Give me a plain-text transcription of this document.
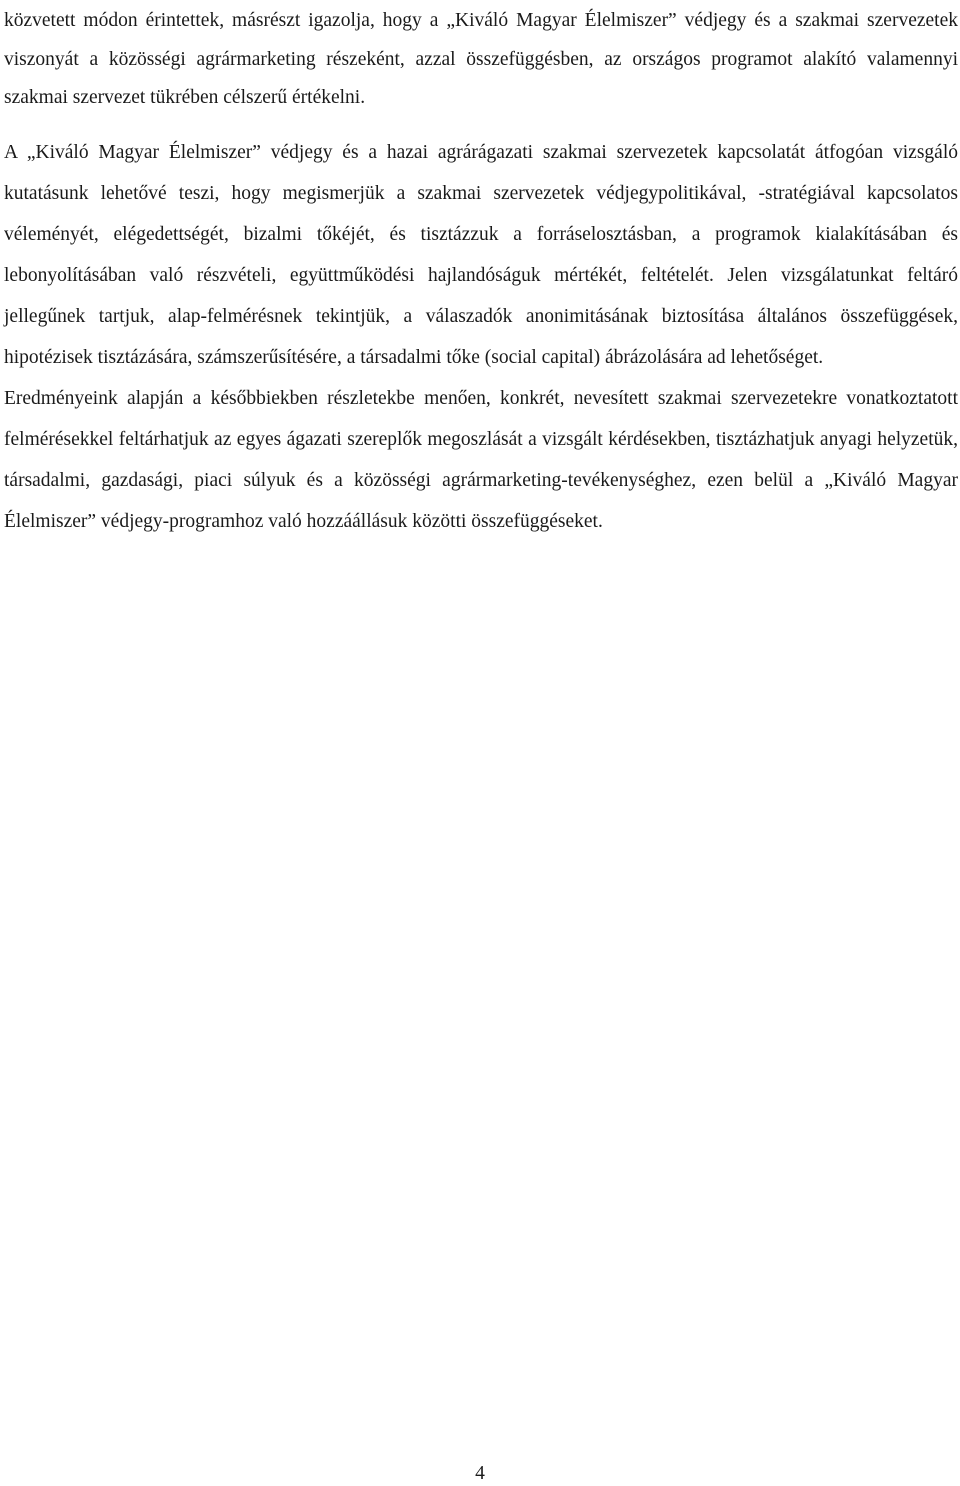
közvetett módon érintettek, másrészt igazolja, hogy a „Kiváló Magyar Élelmiszer” védjegy és a szakmai szervezetek viszonyát a közösségi agrármarketing részeként, azzal összefüggésben, az országos programot alakító valamennyi szakmai szervezet tükrében célszerű értékelni.

A „Kiváló Magyar Élelmiszer” védjegy és a hazai agrárágazati szakmai szervezetek kapcsolatát átfogóan vizsgáló kutatásunk lehetővé teszi, hogy megismerjük a szakmai szervezetek védjegypolitikával, -stratégiával kapcsolatos véleményét, elégedettségét, bizalmi tőkéjét, és tisztázzuk a forráselosztásban, a programok kialakításában és lebonyolításában való részvételi, együttműködési hajlandóságuk mértékét, feltételét. Jelen vizsgálatunkat feltáró jellegűnek tartjuk, alap-felmérésnek tekintjük, a válaszadók anonimitásának biztosítása általános összefüggések, hipotézisek tisztázására, számszerűsítésére, a társadalmi tőke (social capital) ábrázolására ad lehetőséget.

Eredményeink alapján a későbbiekben részletekbe menően, konkrét, nevesített szakmai szervezetekre vonatkoztatott felmérésekkel feltárhatjuk az egyes ágazati szereplők megoszlását a vizsgált kérdésekben, tisztázhatjuk anyagi helyzetük, társadalmi, gazdasági, piaci súlyuk és a közösségi agrármarketing-tevékenységhez, ezen belül a „Kiváló Magyar Élelmiszer” védjegy-programhoz való hozzáállásuk közötti összefüggéseket.

4
